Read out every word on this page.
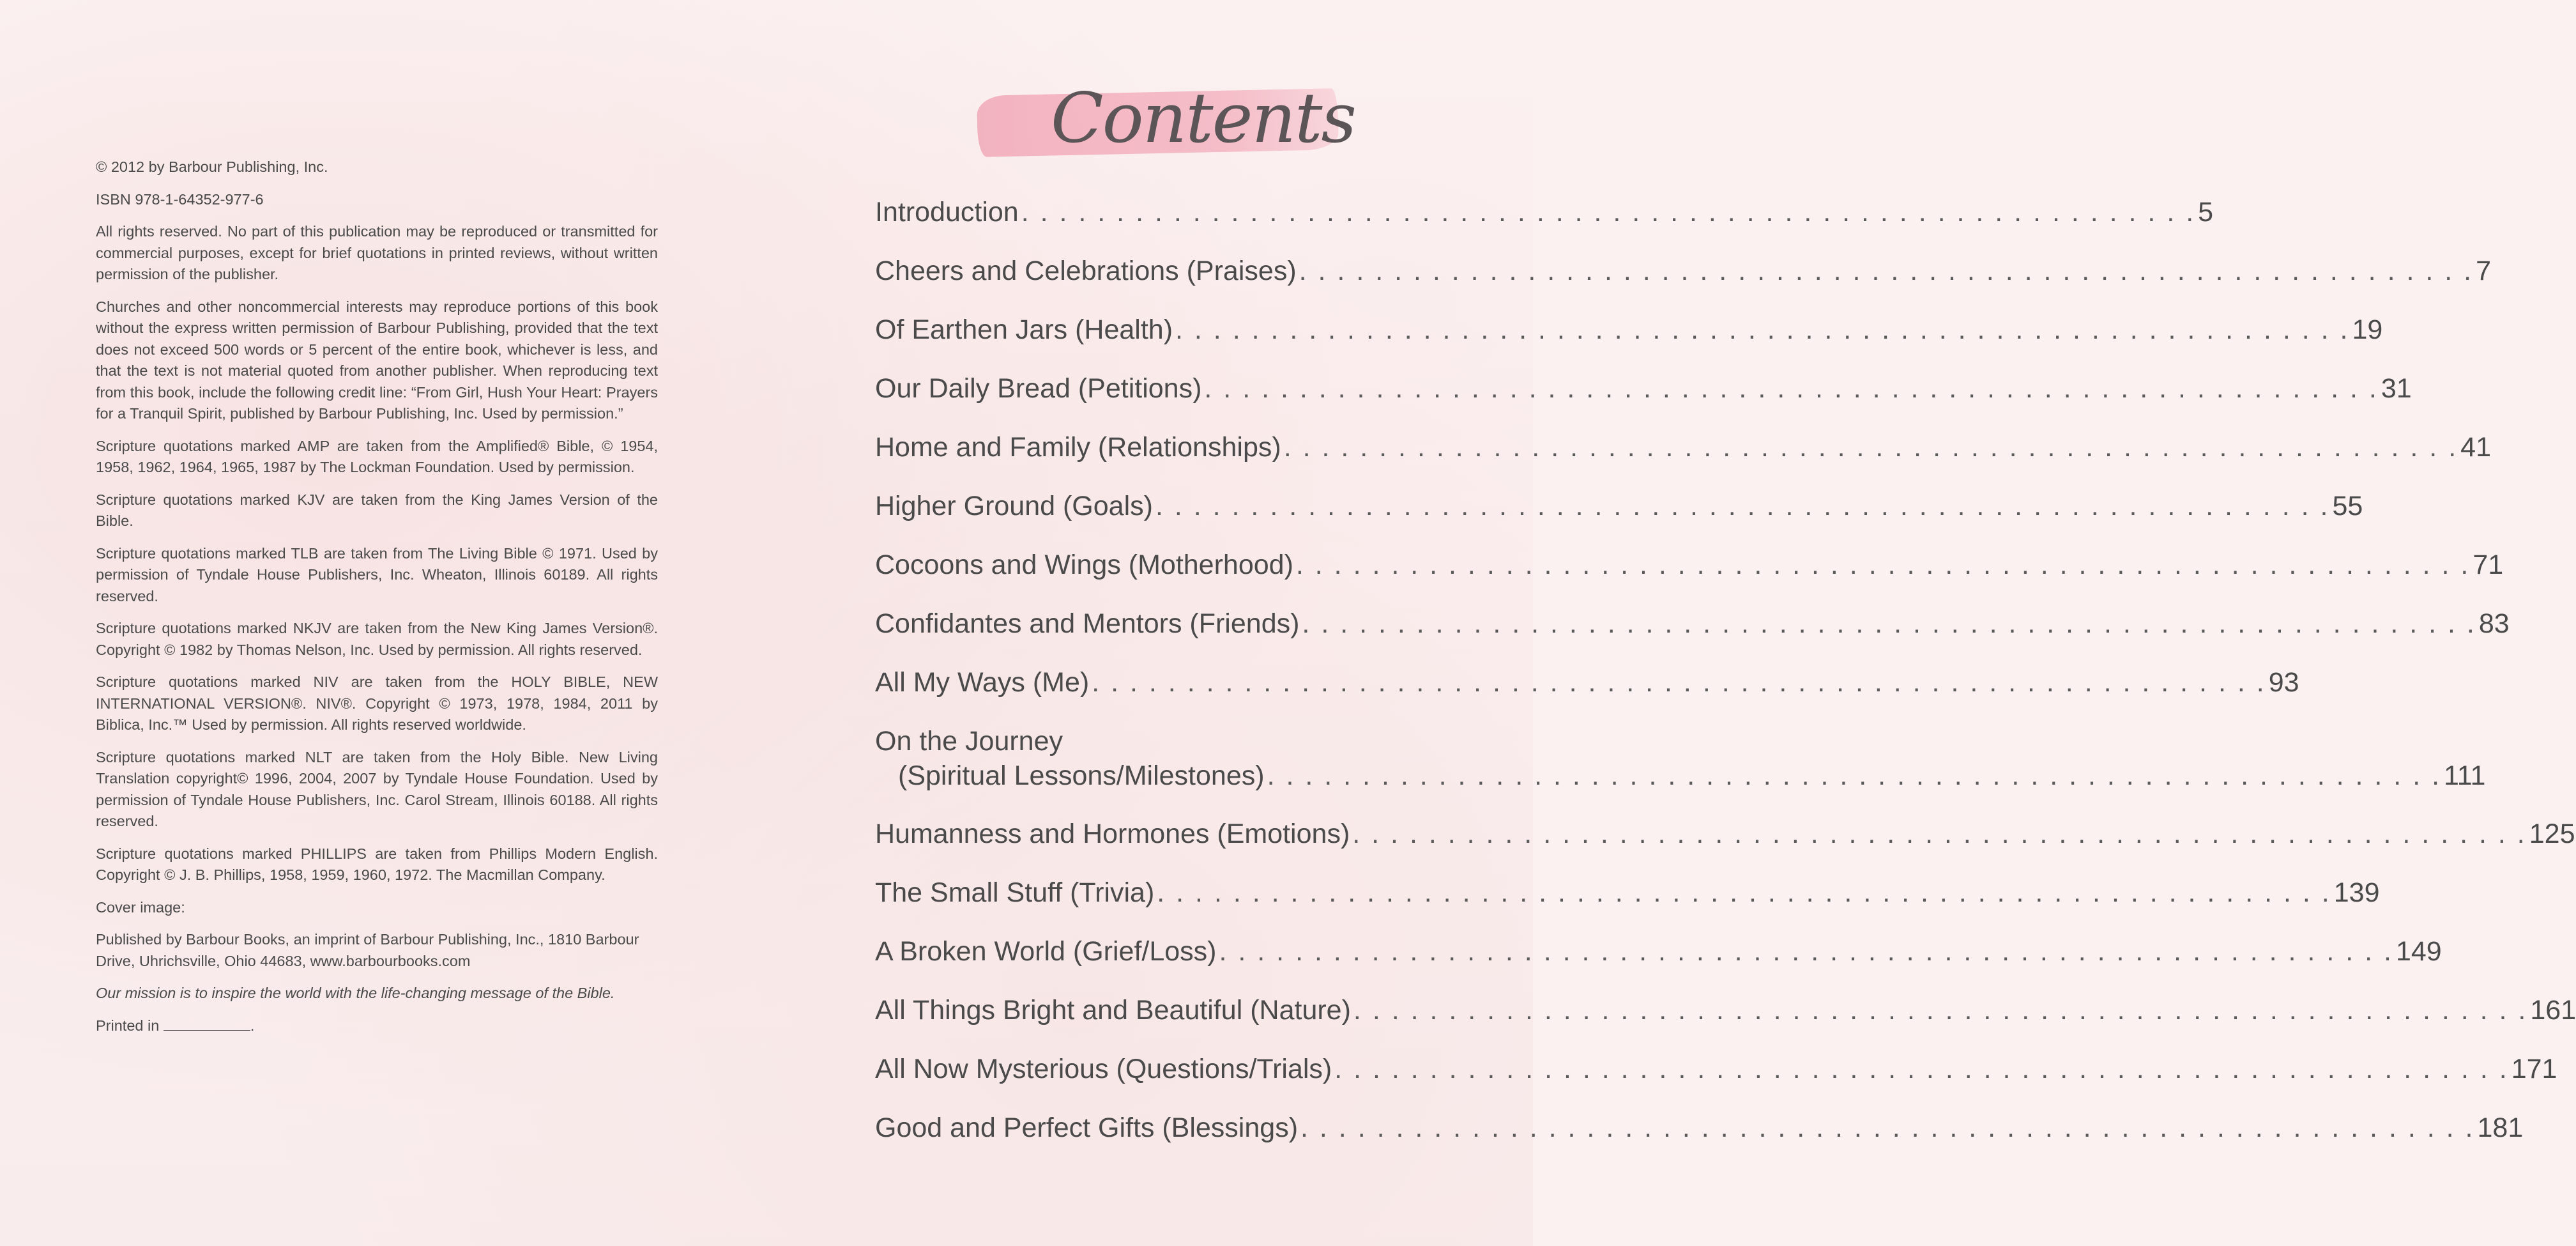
© 2012 by Barbour Publishing, Inc.

ISBN 978-1-64352-977-6

All rights reserved. No part of this publication may be reproduced or transmitted for commercial purposes, except for brief quotations in printed reviews, without written permission of the publisher.

Churches and other noncommercial interests may reproduce portions of this book without the express written permission of Barbour Publishing, provided that the text does not exceed 500 words or 5 percent of the entire book, whichever is less, and that the text is not material quoted from another publisher. When reproducing text from this book, include the following credit line: “From Girl, Hush Your Heart: Prayers for a Tranquil Spirit, published by Barbour Publishing, Inc. Used by permission.”

Scripture quotations marked AMP are taken from the Amplified® Bible, © 1954, 1958, 1962, 1964, 1965, 1987 by The Lockman Foundation. Used by permission.

Scripture quotations marked KJV are taken from the King James Version of the Bible.

Scripture quotations marked TLB are taken from The Living Bible © 1971. Used by permission of Tyndale House Publishers, Inc. Wheaton, Illinois 60189. All rights reserved.

Scripture quotations marked NKJV are taken from the New King James Version®. Copyright © 1982 by Thomas Nelson, Inc. Used by permission. All rights reserved.

Scripture quotations marked NIV are taken from the HOLY BIBLE, NEW INTERNATIONAL VERSION®. NIV®. Copyright © 1973, 1978, 1984, 2011 by Biblica, Inc.™ Used by permission. All rights reserved worldwide.

Scripture quotations marked NLT are taken from the Holy Bible. New Living Translation copyright© 1996, 2004, 2007 by Tyndale House Foundation. Used by permission of Tyndale House Publishers, Inc. Carol Stream, Illinois 60188. All rights reserved.

Scripture quotations marked PHILLIPS are taken from Phillips Modern English. Copyright © J. B. Phillips, 1958, 1959, 1960, 1972. The Macmillan Company.

Cover image:

Published by Barbour Books, an imprint of Barbour Publishing, Inc., 1810 Barbour Drive, Uhrichsville, Ohio 44683, www.barbourbooks.com

Our mission is to inspire the world with the life-changing message of the Bible.

Printed in	.

Contents
Introduction . . . . . . . . . . . . . . . . . . . . . . . . . . . . . . . . . . . . . . . . . . . . . . . . . . . . . . . . . . . . . . 5
Cheers and Celebrations (Praises) . . . . . . . . . . . . . . . . . . . . . . . . . . . . . . . . . . . . . . . . . . . . . . . . . . . . . . . . . . . . . . 7
Of Earthen Jars (Health) . . . . . . . . . . . . . . . . . . . . . . . . . . . . . . . . . . . . . . . . . . . . . . . . . . . . . . . . . . . . . . 19
Our Daily Bread (Petitions) . . . . . . . . . . . . . . . . . . . . . . . . . . . . . . . . . . . . . . . . . . . . . . . . . . . . . . . . . . . . . . 31
Home and Family (Relationships) . . . . . . . . . . . . . . . . . . . . . . . . . . . . . . . . . . . . . . . . . . . . . . . . . . . . . . . . . . . . . . 41
Higher Ground (Goals) . . . . . . . . . . . . . . . . . . . . . . . . . . . . . . . . . . . . . . . . . . . . . . . . . . . . . . . . . . . . . . 55
Cocoons and Wings (Motherhood) . . . . . . . . . . . . . . . . . . . . . . . . . . . . . . . . . . . . . . . . . . . . . . . . . . . . . . . . . . . . . . 71
Confidantes and Mentors (Friends) . . . . . . . . . . . . . . . . . . . . . . . . . . . . . . . . . . . . . . . . . . . . . . . . . . . . . . . . . . . . . . 83
All My Ways (Me) . . . . . . . . . . . . . . . . . . . . . . . . . . . . . . . . . . . . . . . . . . . . . . . . . . . . . . . . . . . . . . 93
On the Journey
(Spiritual Lessons/Milestones) . . . . . . . . . . . . . . . . . . . . . . . . . . . . . . . . . . . . . . . . . . . . . . . . . . . . . . . . . . . . . . 111
Humanness and Hormones (Emotions) . . . . . . . . . . . . . . . . . . . . . . . . . . . . . . . . . . . . . . . . . . . . . . . . . . . . . . . . . . . . . . 125
The Small Stuff (Trivia) . . . . . . . . . . . . . . . . . . . . . . . . . . . . . . . . . . . . . . . . . . . . . . . . . . . . . . . . . . . . . . 139
A Broken World (Grief/Loss) . . . . . . . . . . . . . . . . . . . . . . . . . . . . . . . . . . . . . . . . . . . . . . . . . . . . . . . . . . . . . . 149
All Things Bright and Beautiful (Nature) . . . . . . . . . . . . . . . . . . . . . . . . . . . . . . . . . . . . . . . . . . . . . . . . . . . . . . . . . . . . . . 161
All Now Mysterious (Questions/Trials) . . . . . . . . . . . . . . . . . . . . . . . . . . . . . . . . . . . . . . . . . . . . . . . . . . . . . . . . . . . . . . 171
Good and Perfect Gifts (Blessings) . . . . . . . . . . . . . . . . . . . . . . . . . . . . . . . . . . . . . . . . . . . . . . . . . . . . . . . . . . . . . . 181
